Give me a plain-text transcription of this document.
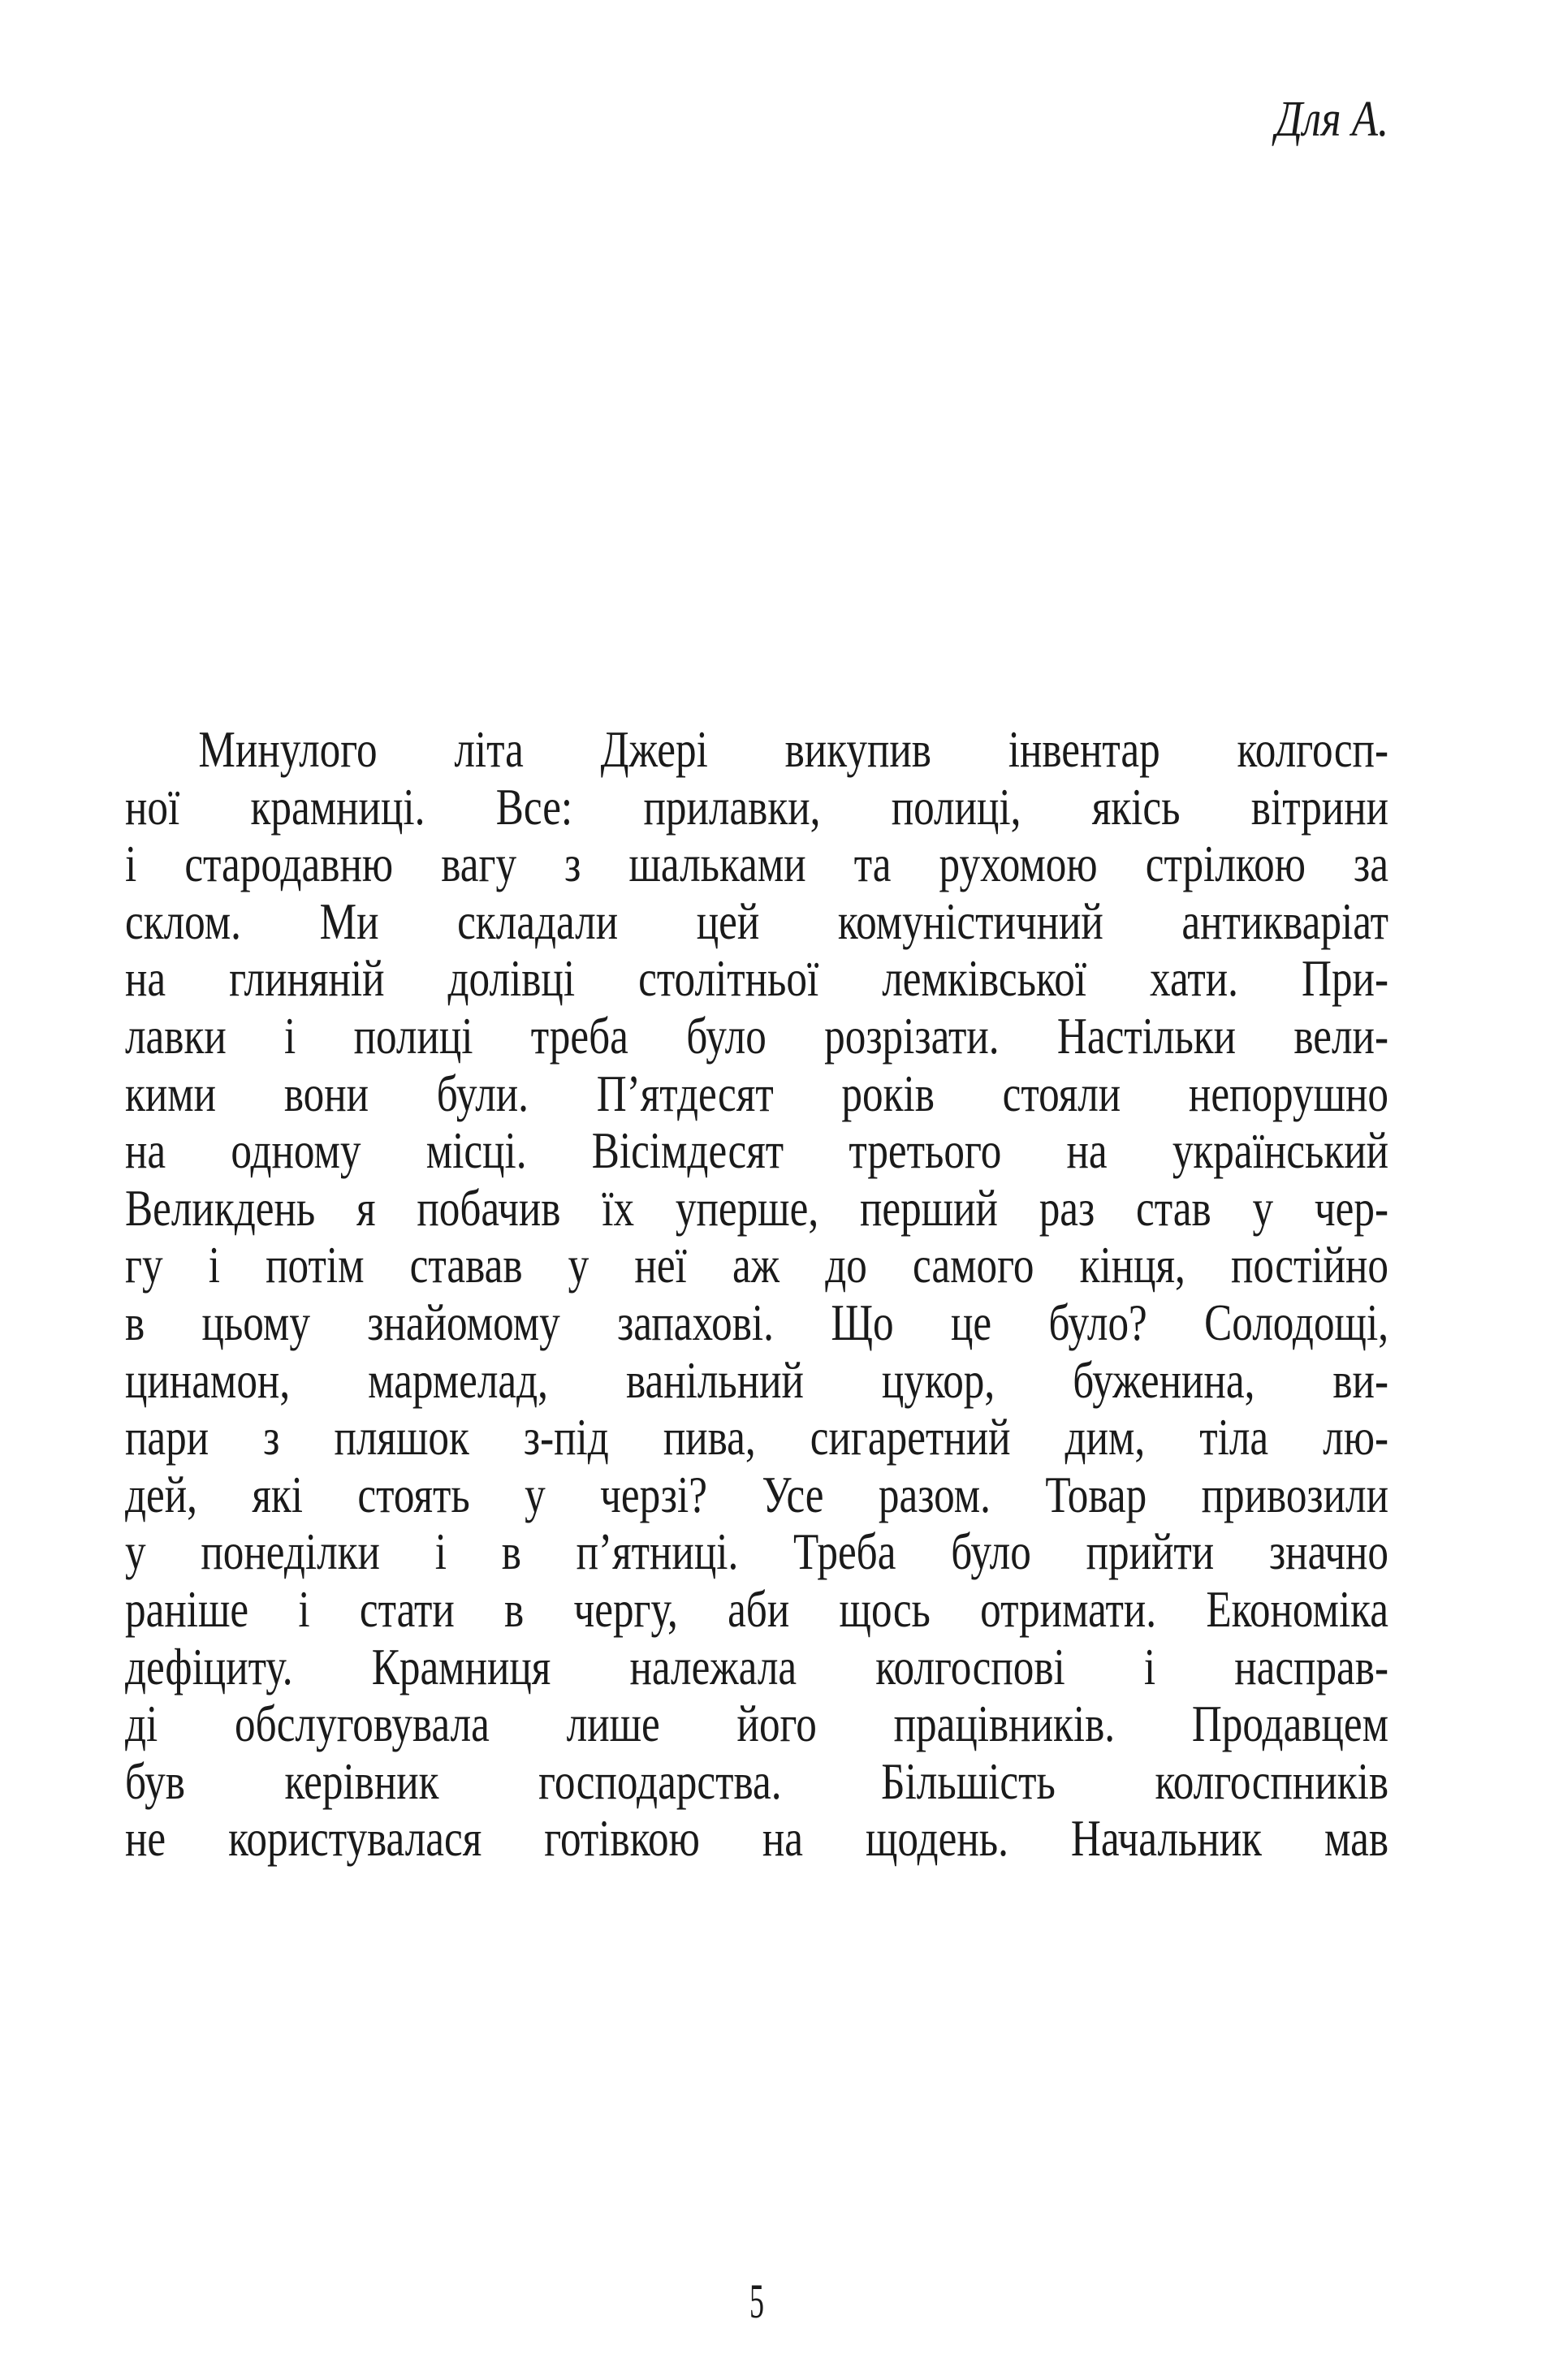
Для А.
Минулого літа Джері викупив інвентар колгосп-
ної крамниці. Все: прилавки, полиці, якісь вітрини
і стародавню вагу з шальками та рухомою стрілкою за
склом. Ми складали цей комуністичний антикваріат
на глиняній долівці столітньої лемківської хати. При-
лавки і полиці треба було розрізати. Настільки вели-
кими вони були. П’ятдесят років стояли непорушно
на одному місці. Вісімдесят третього на український
Великдень я побачив їх уперше, перший раз став у чер-
гу і потім ставав у неї аж до самого кінця, постійно
в цьому знайомому запахові. Що це було? Солодощі,
цинамон, мармелад, ванільний цукор, буженина, ви-
пари з пляшок з-під пива, сигаретний дим, тіла лю-
дей, які стоять у черзі? Усе разом. Товар привозили
у понеділки і в п’ятниці. Треба було прийти значно
раніше і стати в чергу, аби щось отримати. Економіка
дефіциту. Крамниця належала колгоспові і насправ-
ді обслуговувала лише його працівників. Продавцем
був керівник господарства. Більшість колгоспників
не користувалася готівкою на щодень. Начальник мав
5
